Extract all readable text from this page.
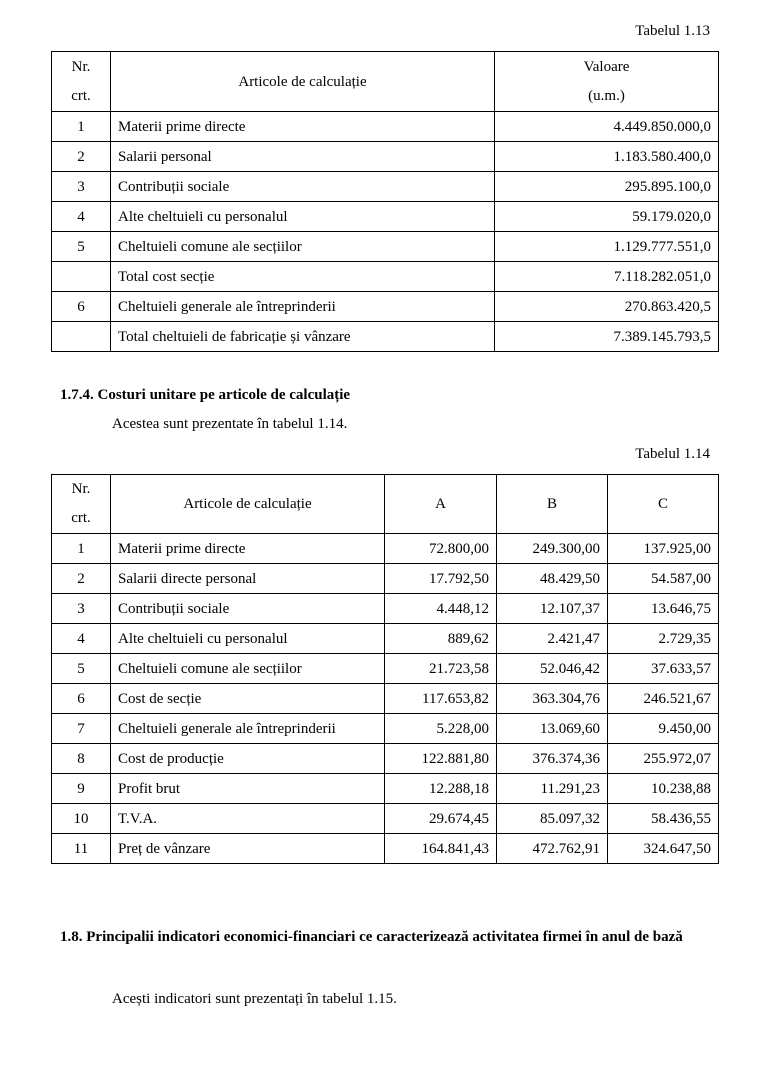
Tabelul 1.13
Nr.
crt.	Articole de calculație	Valoare
(u.m.)
1	Materii prime directe	4.449.850.000,0
2	Salarii personal	1.183.580.400,0
3	Contribuții sociale	295.895.100,0
4	Alte cheltuieli cu personalul	59.179.020,0
5	Cheltuieli comune ale secțiilor	1.129.777.551,0
	Total cost secție	7.118.282.051,0
6	Cheltuieli generale ale întreprinderii	270.863.420,5
	Total cheltuieli de fabricație și vânzare	7.389.145.793,5
1.7.4. Costuri unitare pe articole de calculație
Acestea sunt prezentate în tabelul 1.14.
Tabelul 1.14
Nr.
crt.	Articole de calculație	A	B	C
1	Materii prime directe	72.800,00	249.300,00	137.925,00
2	Salarii directe personal	17.792,50	48.429,50	54.587,00
3	Contribuții sociale	4.448,12	12.107,37	13.646,75
4	Alte cheltuieli cu personalul	889,62	2.421,47	2.729,35
5	Cheltuieli comune ale secțiilor	21.723,58	52.046,42	37.633,57
6	Cost de secție	117.653,82	363.304,76	246.521,67
7	Cheltuieli generale ale întreprinderii	5.228,00	13.069,60	9.450,00
8	Cost de producție	122.881,80	376.374,36	255.972,07
9	Profit brut	12.288,18	11.291,23	10.238,88
10	T.V.A.	29.674,45	85.097,32	58.436,55
11	Preț de vânzare	164.841,43	472.762,91	324.647,50
1.8. Principalii indicatori economici-financiari ce caracterizează activitatea firmei în anul de bază
Acești indicatori sunt prezentați în tabelul 1.15.
